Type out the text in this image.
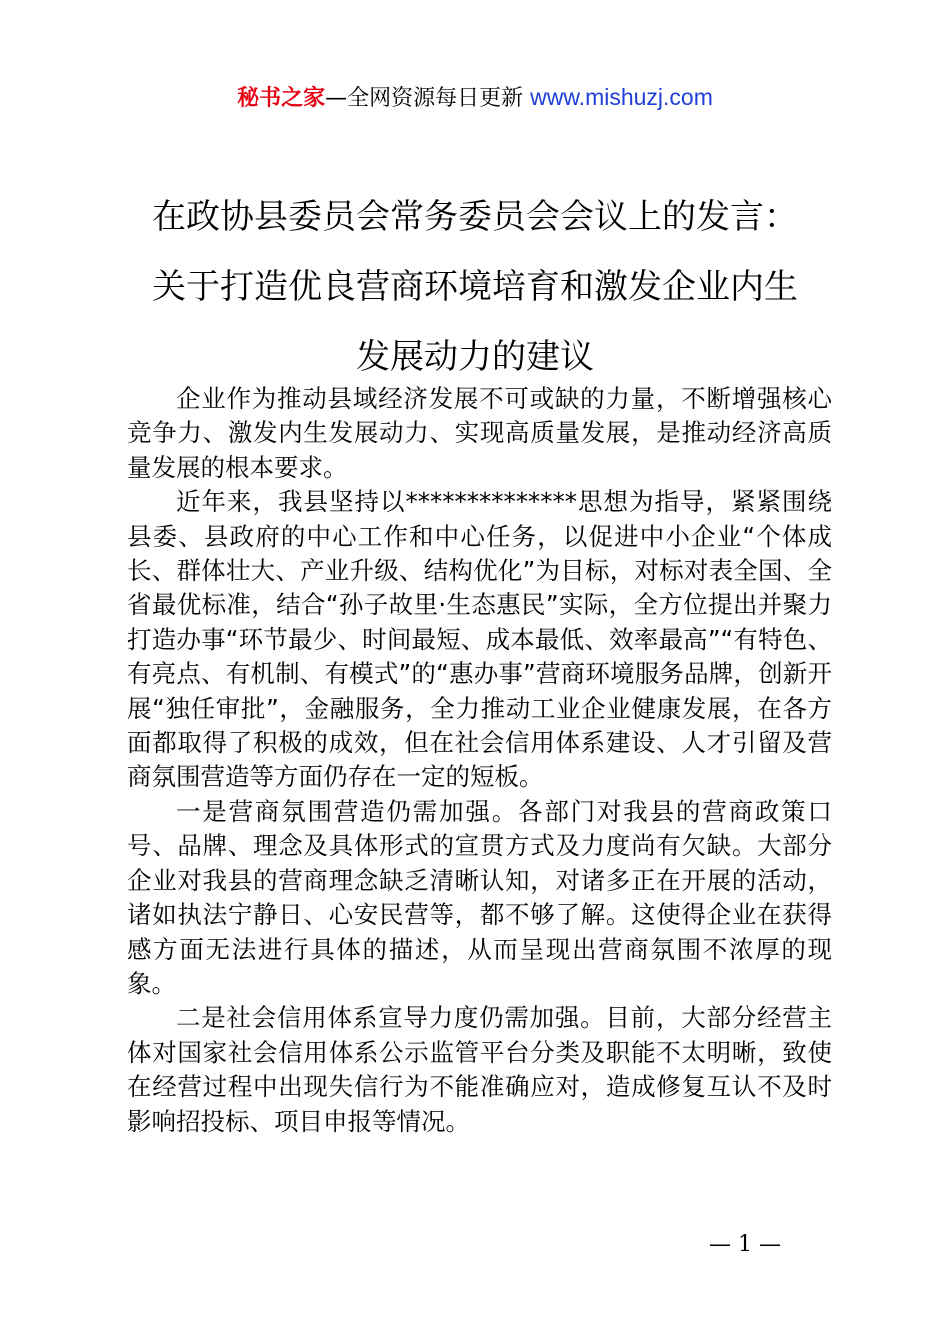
秘书之家—全网资源每日更新 www.mishuzj.com
在政协县委员会常务委员会会议上的发言：
关于打造优良营商环境培育和激发企业内生
发展动力的建议

企业作为推动县域经济发展不可或缺的力量，不断增强核心竞争力、激发内生发展动力、实现高质量发展，是推动经济高质量发展的根本要求。

近年来，我县坚持以**************思想为指导，紧紧围绕县委、县政府的中心工作和中心任务，以促进中小企业“个体成长、群体壮大、产业升级、结构优化”为目标，对标对表全国、全省最优标准，结合“孙子故里·生态惠民”实际，全方位提出并聚力打造办事“环节最少、时间最短、成本最低、效率最高”“有特色、有亮点、有机制、有模式”的“惠办事”营商环境服务品牌，创新开展“独任审批”，金融服务，全力推动工业企业健康发展，在各方面都取得了积极的成效，但在社会信用体系建设、人才引留及营商氛围营造等方面仍存在一定的短板。

一是营商氛围营造仍需加强。各部门对我县的营商政策口号、品牌、理念及具体形式的宣贯方式及力度尚有欠缺。大部分企业对我县的营商理念缺乏清晰认知，对诸多正在开展的活动，诸如执法宁静日、心安民营等，都不够了解。这使得企业在获得感方面无法进行具体的描述，从而呈现出营商氛围不浓厚的现象。

二是社会信用体系宣导力度仍需加强。目前，大部分经营主体对国家社会信用体系公示监管平台分类及职能不太明晰，致使在经营过程中出现失信行为不能准确应对，造成修复互认不及时影响招投标、项目申报等情况。

— 1 —
